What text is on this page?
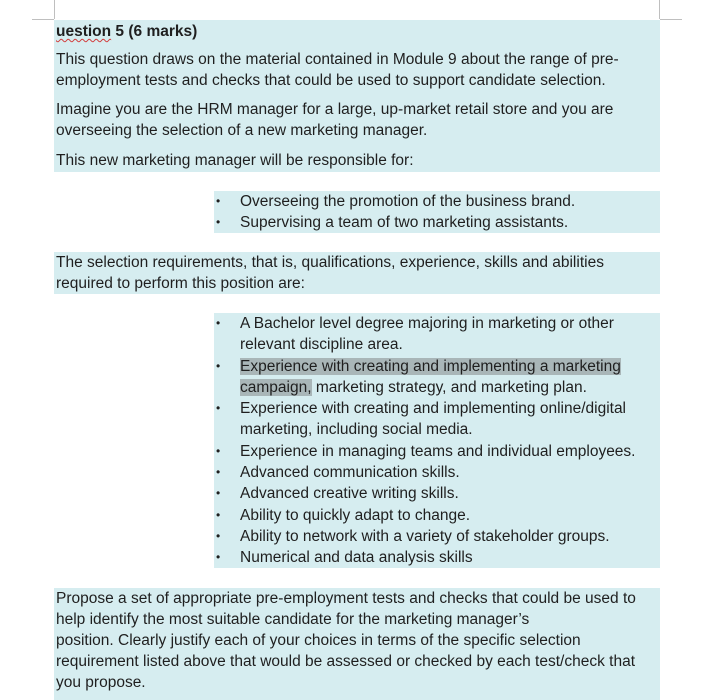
uestion 5 (6 marks)

This question draws on the material contained in Module 9 about the range of pre-employment tests and checks that could be used to support candidate selection.

Imagine you are the HRM manager for a large, up-market retail store and you are overseeing the selection of a new marketing manager.

This new marketing manager will be responsible for:

• Overseeing the promotion of the business brand.
• Supervising a team of two marketing assistants.

The selection requirements, that is, qualifications, experience, skills and abilities required to perform this position are:

• A Bachelor level degree majoring in marketing or other relevant discipline area.
• Experience with creating and implementing a marketing campaign, marketing strategy, and marketing plan.
• Experience with creating and implementing online/digital marketing, including social media.
• Experience in managing teams and individual employees.
• Advanced communication skills.
• Advanced creative writing skills.
• Ability to quickly adapt to change.
• Ability to network with a variety of stakeholder groups.
• Numerical and data analysis skills

Propose a set of appropriate pre-employment tests and checks that could be used to help identify the most suitable candidate for the marketing manager’s

position. Clearly justify each of your choices in terms of the specific selection requirement listed above that would be assessed or checked by each test/check that you propose.
